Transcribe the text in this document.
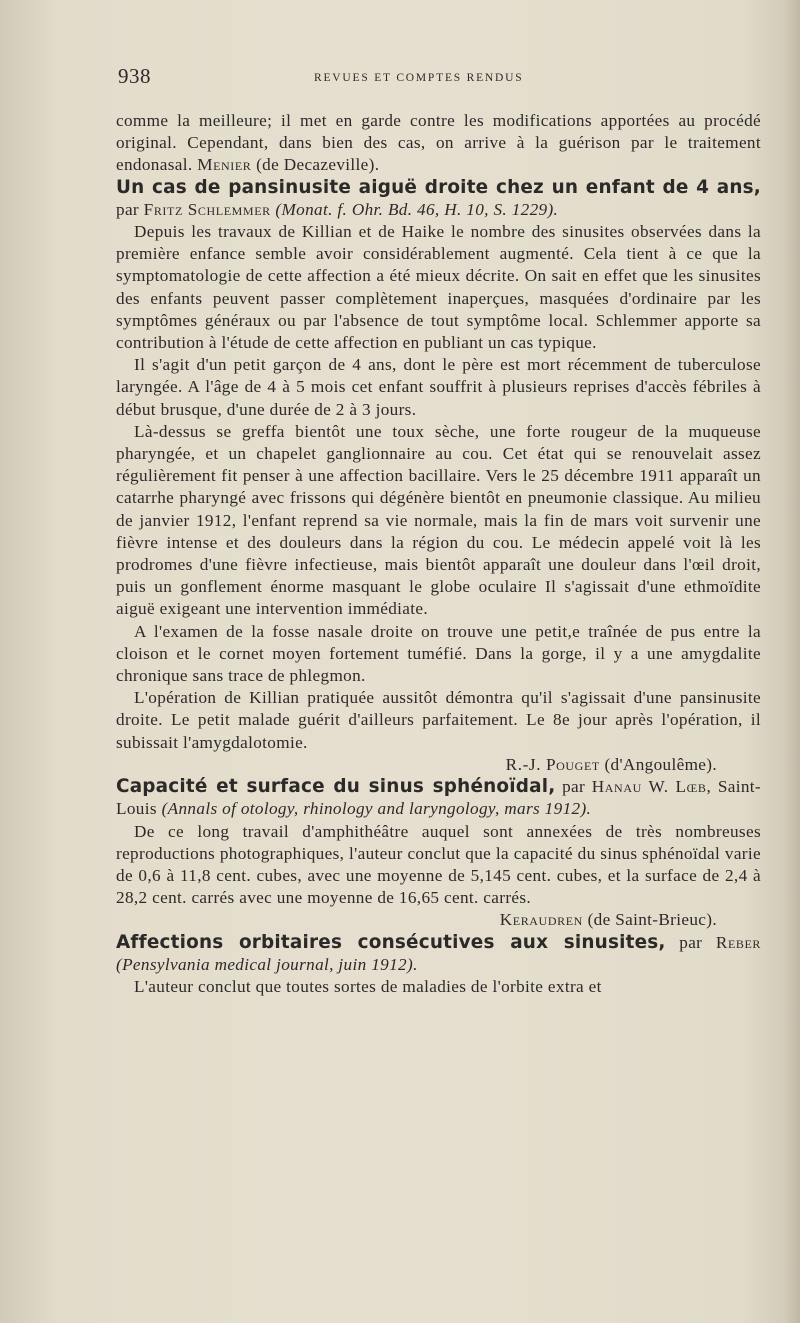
938	REVUES ET COMPTES RENDUS

comme la meilleure; il met en garde contre les modifications apportées au procédé original. Cependant, dans bien des cas, on arrive à la guérison par le traitement endonasal. Menier (de Decazeville).

Un cas de pansinusite aiguë droite chez un enfant de 4 ans, par Fritz Schlemmer (Monat. f. Ohr. Bd. 46, H. 10, S. 1229).

Depuis les travaux de Killian et de Haike le nombre des sinusites observées dans la première enfance semble avoir considérablement augmenté. Cela tient à ce que la symptomatologie de cette affection a été mieux décrite. On sait en effet que les sinusites des enfants peuvent passer complètement inaperçues, masquées d'ordinaire par les symptômes généraux ou par l'absence de tout symptôme local. Schlemmer apporte sa contribution à l'étude de cette affection en publiant un cas typique.

Il s'agit d'un petit garçon de 4 ans, dont le père est mort récemment de tuberculose laryngée. A l'âge de 4 à 5 mois cet enfant souffrit à plusieurs reprises d'accès fébriles à début brusque, d'une durée de 2 à 3 jours.

Là-dessus se greffa bientôt une toux sèche, une forte rougeur de la muqueuse pharyngée, et un chapelet ganglionnaire au cou. Cet état qui se renouvelait assez régulièrement fit penser à une affection bacillaire. Vers le 25 décembre 1911 apparaît un catarrhe pharyngé avec frissons qui dégénère bientôt en pneumonie classique. Au milieu de janvier 1912, l'enfant reprend sa vie normale, mais la fin de mars voit survenir une fièvre intense et des douleurs dans la région du cou. Le médecin appelé voit là les prodromes d'une fièvre infectieuse, mais bientôt apparaît une douleur dans l'œil droit, puis un gonflement énorme masquant le globe oculaire Il s'agissait d'une ethmoïdite aiguë exigeant une intervention immédiate.

A l'examen de la fosse nasale droite on trouve une petit,e traînée de pus entre la cloison et le cornet moyen fortement tuméfié. Dans la gorge, il y a une amygdalite chronique sans trace de phlegmon.

L'opération de Killian pratiquée aussitôt démontra qu'il s'agissait d'une pansinusite droite. Le petit malade guérit d'ailleurs parfaitement. Le 8e jour après l'opération, il subissait l'amygdalotomie.

R.-J. Pouget (d'Angoulême).

Capacité et surface du sinus sphénoïdal, par Hanau W. Lœb, Saint-Louis (Annals of otology, rhinology and laryngology, mars 1912).

De ce long travail d'amphithéâtre auquel sont annexées de très nombreuses reproductions photographiques, l'auteur conclut que la capacité du sinus sphénoïdal varie de 0,6 à 11,8 cent. cubes, avec une moyenne de 5,145 cent. cubes, et la surface de 2,4 à 28,2 cent. carrés avec une moyenne de 16,65 cent. carrés.

Keraudren (de Saint-Brieuc).

Affections orbitaires consécutives aux sinusites, par Reber (Pensylvania medical journal, juin 1912).

L'auteur conclut que toutes sortes de maladies de l'orbite extra et
